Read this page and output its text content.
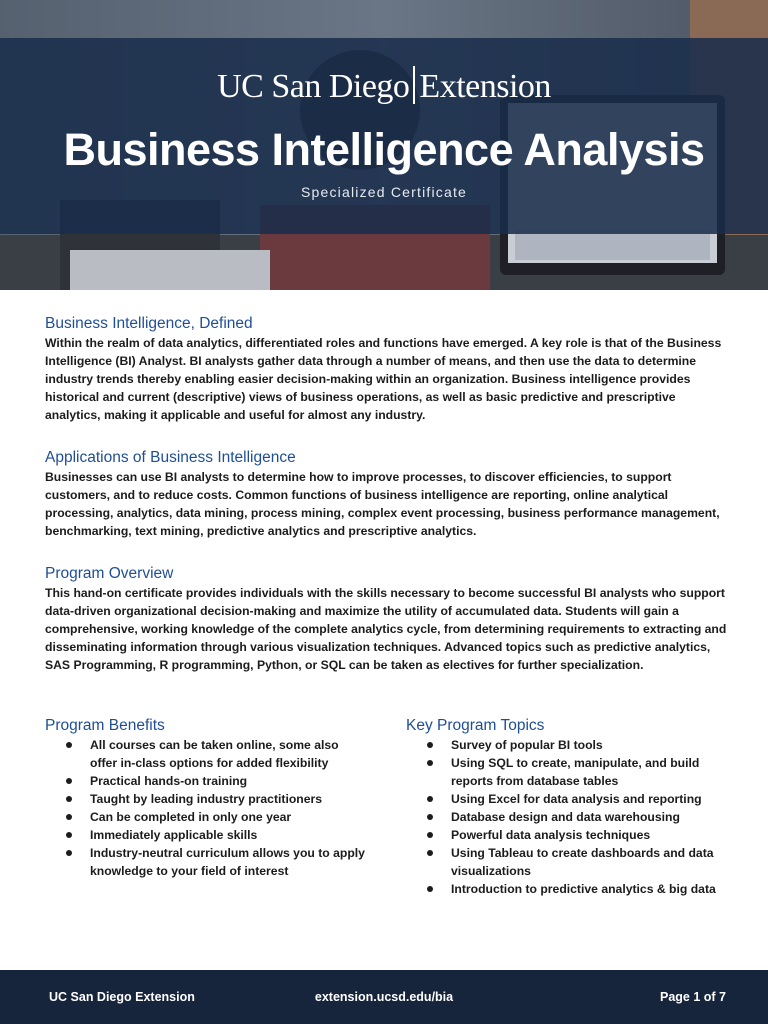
UC San Diego Extension
Business Intelligence Analysis
Specialized Certificate
Business Intelligence, Defined

Within the realm of data analytics, differentiated roles and functions have emerged. A key role is that of the Business Intelligence (BI) Analyst. BI analysts gather data through a number of means, and then use the data to determine industry trends thereby enabling easier decision-making within an organization. Business intelligence provides historical and current (descriptive) views of business operations, as well as basic predictive and prescriptive analytics, making it applicable and useful for almost any industry.

Applications of Business Intelligence

Businesses can use BI analysts to determine how to improve processes, to discover efficiencies, to support customers, and to reduce costs. Common functions of business intelligence are reporting, online analytical processing, analytics, data mining, process mining, complex event processing, business performance management, benchmarking, text mining, predictive analytics and prescriptive analytics.

Program Overview

This hand-on certificate provides individuals with the skills necessary to become successful BI analysts who support data-driven organizational decision-making and maximize the utility of accumulated data. Students will gain a comprehensive, working knowledge of the complete analytics cycle, from determining requirements to extracting and disseminating information through various visualization techniques. Advanced topics such as predictive analytics, SAS Programming, R programming, Python, or SQL can be taken as electives for further specialization.

Program Benefits
All courses can be taken online, some also offer in-class options for added flexibility
Practical hands-on training
Taught by leading industry practitioners
Can be completed in only one year
Immediately applicable skills
Industry-neutral curriculum allows you to apply knowledge to your field of interest
Key Program Topics
Survey of popular BI tools
Using SQL to create, manipulate, and build reports from database tables
Using Excel for data analysis and reporting
Database design and data warehousing
Powerful data analysis techniques
Using Tableau to create dashboards and data visualizations
Introduction to predictive analytics & big data
UC San Diego Extension	extension.ucsd.edu/bia	Page 1 of 7
